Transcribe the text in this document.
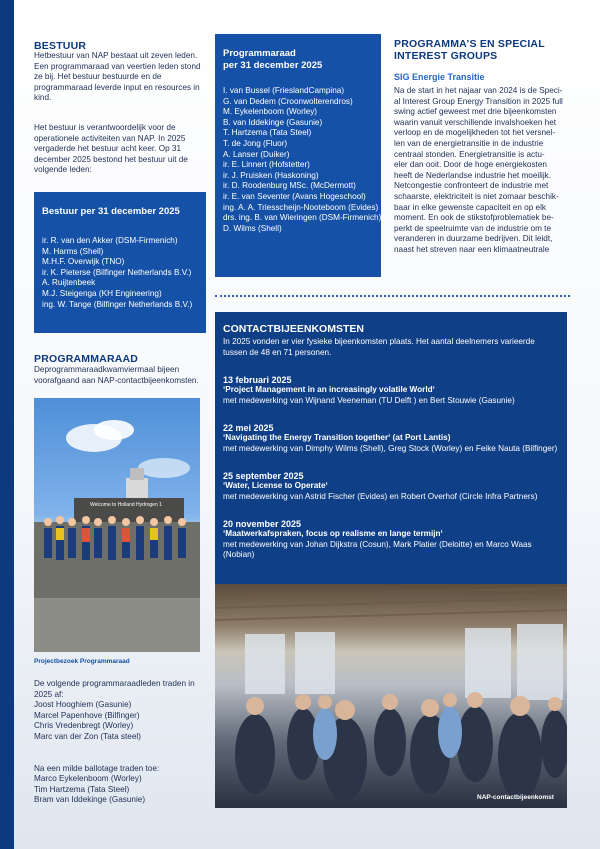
BESTUUR
Hetbestuur van NAP bestaat uit zeven leden. Een programmaraad van veertien leden stond ze bij. Het bestuur bestuurde en de programmaraad leverde input en resources in kind.
Het bestuur is verantwoordelijk voor de operationele activiteiten van NAP. In 2025 vergaderde het bestuur acht keer. Op 31 december 2025 bestond het bestuur uit de volgende leden:
Bestuur per 31 december 2025
ir. R. van den Akker (DSM-Firmenich)
M. Harms (Shell)
M.H.F. Overwijk (TNO)
ir. K. Pieterse (Bilfinger Netherlands B.V.)
A. Ruijtenbeek
M.J. Steigenga (KH Engineering)
ing. W. Tange (Bilfinger Netherlands B.V.)
PROGRAMMARAAD
Deprogrammaraadkwamviermaal bijeen voorafgaand aan NAP-contactbijeenkomsten.
Welcome to Holland Hydrogen 1
Projectbezoek Programmaraad
De volgende programmaraadleden traden in 2025 af:
Joost Hooghiem (Gasunie)
Marcel Papenhove (Bilfinger)
Chris Vredenbregt (Worley)
Marc van der Zon (Tata steel)
Na een milde ballotage traden toe:
Marco Eykelenboom (Worley)
Tim Hartzema (Tata Steel)
Bram van Iddekinge (Gasunie)
Programmaraad
per 31 december 2025
I. van Bussel (FrieslandCampina)
G. van Dedem (Croonwolterendros)
M. Eykelenboom (Worley)
B. van Iddekinge (Gasunie)
T. Hartzema (Tata Steel)
T. de Jong (Fluor)
A. Lanser (Duiker)
ir. E. Linnert (Hofstetter)
ir. J. Pruisken (Haskoning)
ir. D. Roodenburg MSc. (McDermott)
ir. E. van Seventer (Avans Hogeschool)
ing. A. A. Triesscheijn-Nooteboom (Evides)
drs. ing. B. van Wieringen (DSM-Firmenich)
D. Wilms (Shell)
PROGRAMMA’S EN SPECIAL
INTEREST GROUPS
SIG Energie Transitie
Na de start in het najaar van 2024 is de Speci-
al Interest Group Energy Transition in 2025 full
swing actief geweest met drie bijeenkomsten
waarin vanuit verschillende invalshoeken het
verloop en de mogelijkheden tot het versnel-
len van de energietransitie in de industrie
centraal stonden. Energietransitie is actu-
eler dan ooit. Door de hoge energiekosten
heeft de Nederlandse industrie het moeilijk.
Netcongestie confronteert de industrie met
schaarste, elektriciteit is niet zomaar beschik-
baar in elke gewenste capaciteit en op elk
moment. En ook de stikstofproblematiek be-
perkt de speelruimte van de industrie om te
veranderen in duurzame bedrijven. Dit leidt,
naast het streven naar een klimaatneutrale
CONTACTBIJEENKOMSTEN
In 2025 vonden er vier fysieke bijeenkomsten plaats. Het aantal deelnemers varieerde tussen de 48 en 71 personen.
13 februari 2025
‘Project Management in an increasingly volatile World‘
met medewerking van Wijnand Veeneman (TU Delft ) en Bert Stouwie (Gasunie)
22 mei 2025
‘Navigating the Energy Transition together‘ (at Port Lantis)
met medewerking van Dimphy Wilms (Shell), Greg Stock (Worley) en Feike Nauta (Bilfinger)
25 september 2025
‘Water, License to Operate‘
met medewerking van Astrid Fischer (Evides) en Robert Overhof (Circle Infra Partners)
20 november 2025
‘Maatwerkafspraken, focus op realisme en lange termijn‘
met medewerking van Johan Dijkstra (Cosun), Mark Platier (Deloitte) en Marco Waas (Nobian)
NAP-contactbijeenkomst
